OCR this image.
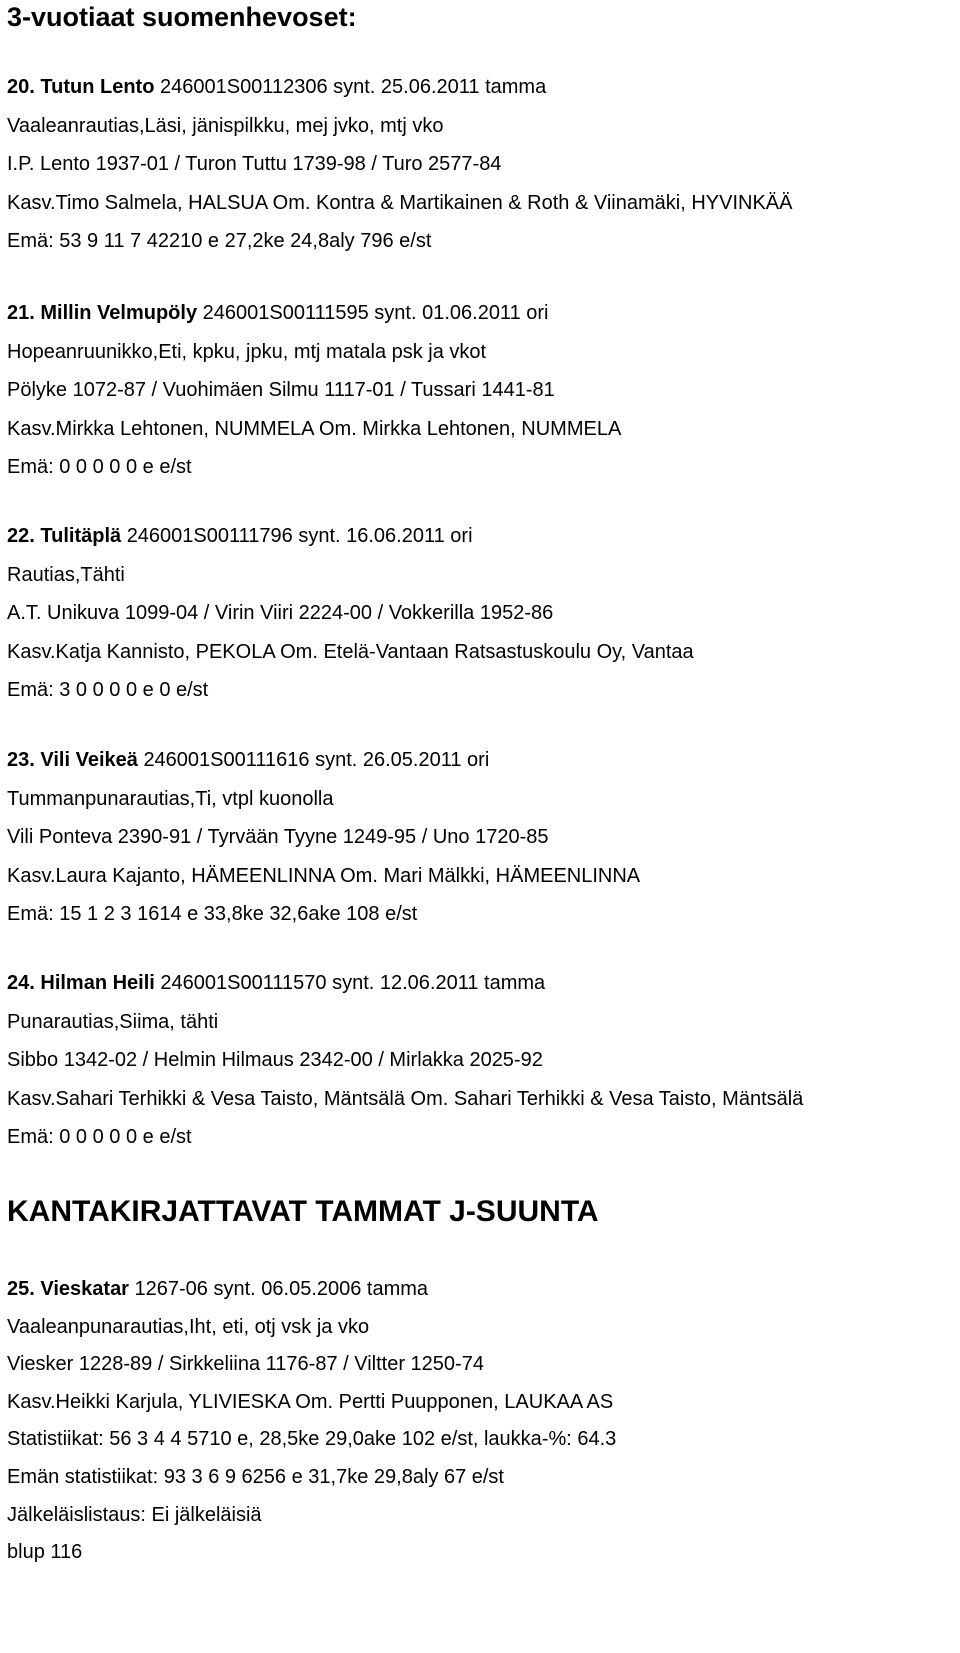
3-vuotiaat suomenhevoset:
20. Tutun Lento 246001S00112306 synt. 25.06.2011 tamma
Vaaleanrautias,Läsi, jänispilkku, mej jvko, mtj vko
I.P. Lento 1937-01 / Turon Tuttu 1739-98 / Turo 2577-84
Kasv.Timo Salmela, HALSUA Om. Kontra & Martikainen & Roth & Viinamäki, HYVINKÄÄ
Emä: 53 9 11 7 42210 e 27,2ke 24,8aly 796 e/st
21. Millin Velmupöly 246001S00111595 synt. 01.06.2011 ori
Hopeanruunikko,Eti, kpku, jpku, mtj matala psk ja vkot
Pölyke 1072-87 / Vuohimäen Silmu 1117-01 / Tussari 1441-81
Kasv.Mirkka Lehtonen, NUMMELA Om. Mirkka Lehtonen, NUMMELA
Emä: 0 0 0 0 0 e e/st
22. Tulitäplä 246001S00111796 synt. 16.06.2011 ori
Rautias,Tähti
A.T. Unikuva 1099-04 / Virin Viiri 2224-00 / Vokkerilla 1952-86
Kasv.Katja Kannisto, PEKOLA Om. Etelä-Vantaan Ratsastuskoulu Oy, Vantaa
Emä: 3 0 0 0 0 e 0 e/st
23. Vili Veikeä 246001S00111616 synt. 26.05.2011 ori
Tummanpunarautias,Ti, vtpl kuonolla
Vili Ponteva 2390-91 / Tyrvään Tyyne 1249-95 / Uno 1720-85
Kasv.Laura Kajanto, HÄMEENLINNA Om. Mari Mälkki, HÄMEENLINNA
Emä: 15 1 2 3 1614 e 33,8ke 32,6ake 108 e/st
24. Hilman Heili 246001S00111570 synt. 12.06.2011 tamma
Punarautias,Siima, tähti
Sibbo 1342-02 / Helmin Hilmaus 2342-00 / Mirlakka 2025-92
Kasv.Sahari Terhikki & Vesa Taisto, Mäntsälä Om. Sahari Terhikki & Vesa Taisto, Mäntsälä
Emä: 0 0 0 0 0 e e/st
KANTAKIRJATTAVAT TAMMAT J-SUUNTA
25. Vieskatar 1267-06 synt. 06.05.2006 tamma
Vaaleanpunarautias,Iht, eti, otj vsk ja vko
Viesker 1228-89 / Sirkkeliina 1176-87 / Viltter 1250-74
Kasv.Heikki Karjula, YLIVIESKA Om. Pertti Puupponen, LAUKAA AS
Statistiikat: 56 3 4 4 5710 e, 28,5ke 29,0ake 102 e/st, laukka-%: 64.3
Emän statistiikat: 93 3 6 9 6256 e 31,7ke 29,8aly 67 e/st
Jälkeläislistaus: Ei jälkeläisiä
blup 116
